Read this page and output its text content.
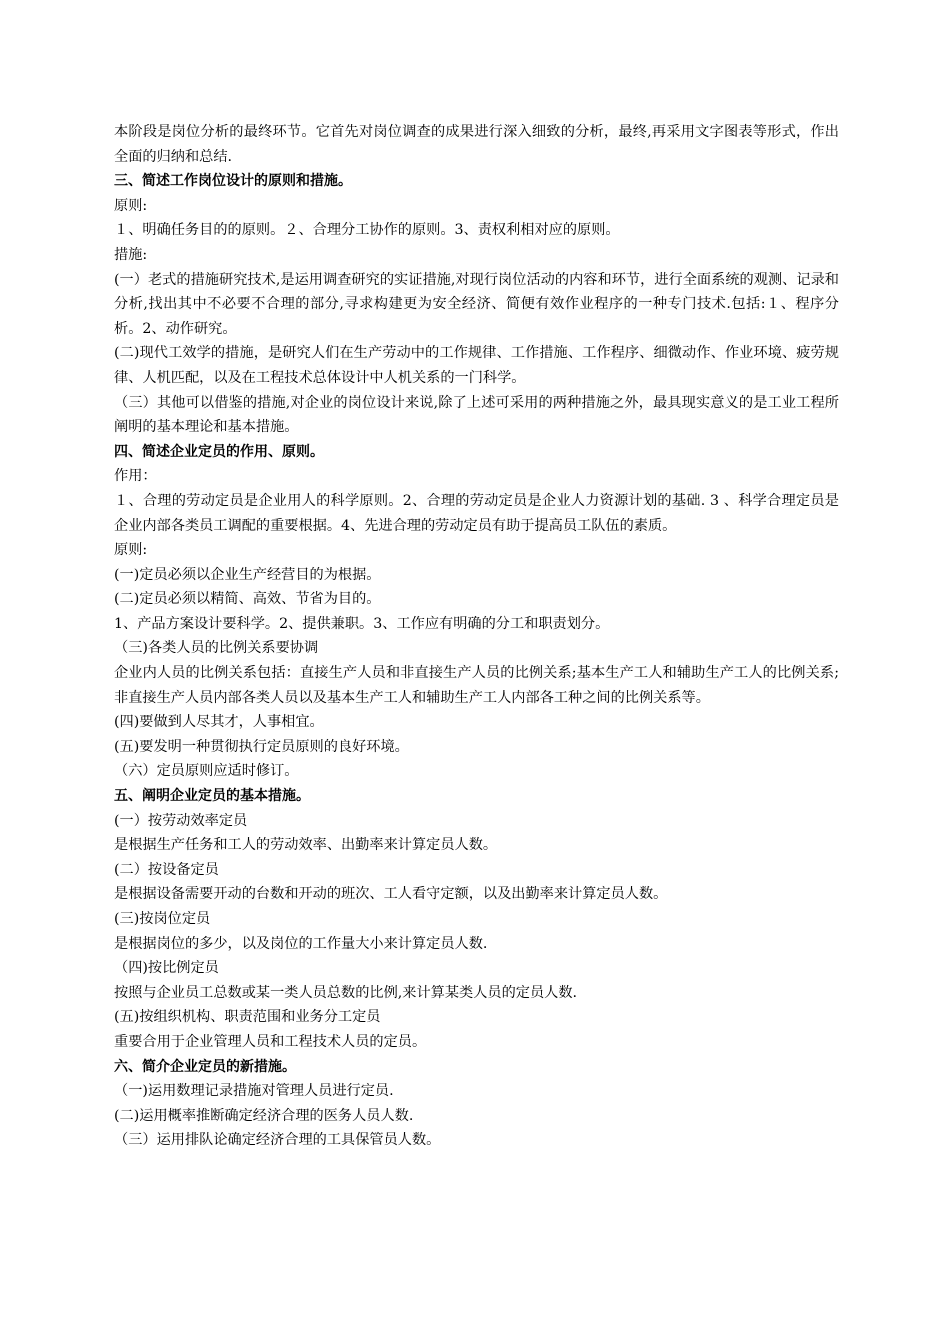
本阶段是岗位分析的最终环节。它首先对岗位调查的成果进行深入细致的分析，最终,再采用文字图表等形式，作出全面的归纳和总结.
三、简述工作岗位设计的原则和措施。
原则:
１、明确任务目的的原则。２、合理分工协作的原则。3、责权利相对应的原则。
措施:
(一）老式的措施研究技术,是运用调查研究的实证措施,对现行岗位活动的内容和环节，进行全面系统的观测、记录和分析,找出其中不必要不合理的部分,寻求构建更为安全经济、简便有效作业程序的一种专门技术.包括:１、程序分析。2、动作研究。
(二)现代工效学的措施，是研究人们在生产劳动中的工作规律、工作措施、工作程序、细微动作、作业环境、疲劳规律、人机匹配，以及在工程技术总体设计中人机关系的一门科学。
（三）其他可以借鉴的措施,对企业的岗位设计来说,除了上述可采用的两种措施之外，最具现实意义的是工业工程所阐明的基本理论和基本措施。
四、简述企业定员的作用、原则。
作用：
１、合理的劳动定员是企业用人的科学原则。2、合理的劳动定员是企业人力资源计划的基础. 3 、科学合理定员是企业内部各类员工调配的重要根据。4、先进合理的劳动定员有助于提高员工队伍的素质。
原则:
(一)定员必须以企业生产经营目的为根据。
(二)定员必须以精简、高效、节省为目的。
1、产品方案设计要科学。2、提供兼职。3、工作应有明确的分工和职责划分。
（三)各类人员的比例关系要协调
企业内人员的比例关系包括：直接生产人员和非直接生产人员的比例关系;基本生产工人和辅助生产工人的比例关系;非直接生产人员内部各类人员以及基本生产工人和辅助生产工人内部各工种之间的比例关系等。
(四)要做到人尽其才，人事相宜。
(五)要发明一种贯彻执行定员原则的良好环境。
（六）定员原则应适时修订。
五、阐明企业定员的基本措施。
(一）按劳动效率定员
是根据生产任务和工人的劳动效率、出勤率来计算定员人数。
(二）按设备定员
是根据设备需要开动的台数和开动的班次、工人看守定额，以及出勤率来计算定员人数。
(三)按岗位定员
是根据岗位的多少，以及岗位的工作量大小来计算定员人数.
（四)按比例定员
按照与企业员工总数或某一类人员总数的比例,来计算某类人员的定员人数.
(五)按组织机构、职责范围和业务分工定员
重要合用于企业管理人员和工程技术人员的定员。
六、简介企业定员的新措施。
（一)运用数理记录措施对管理人员进行定员.
(二)运用概率推断确定经济合理的医务人员人数.
（三）运用排队论确定经济合理的工具保管员人数。
